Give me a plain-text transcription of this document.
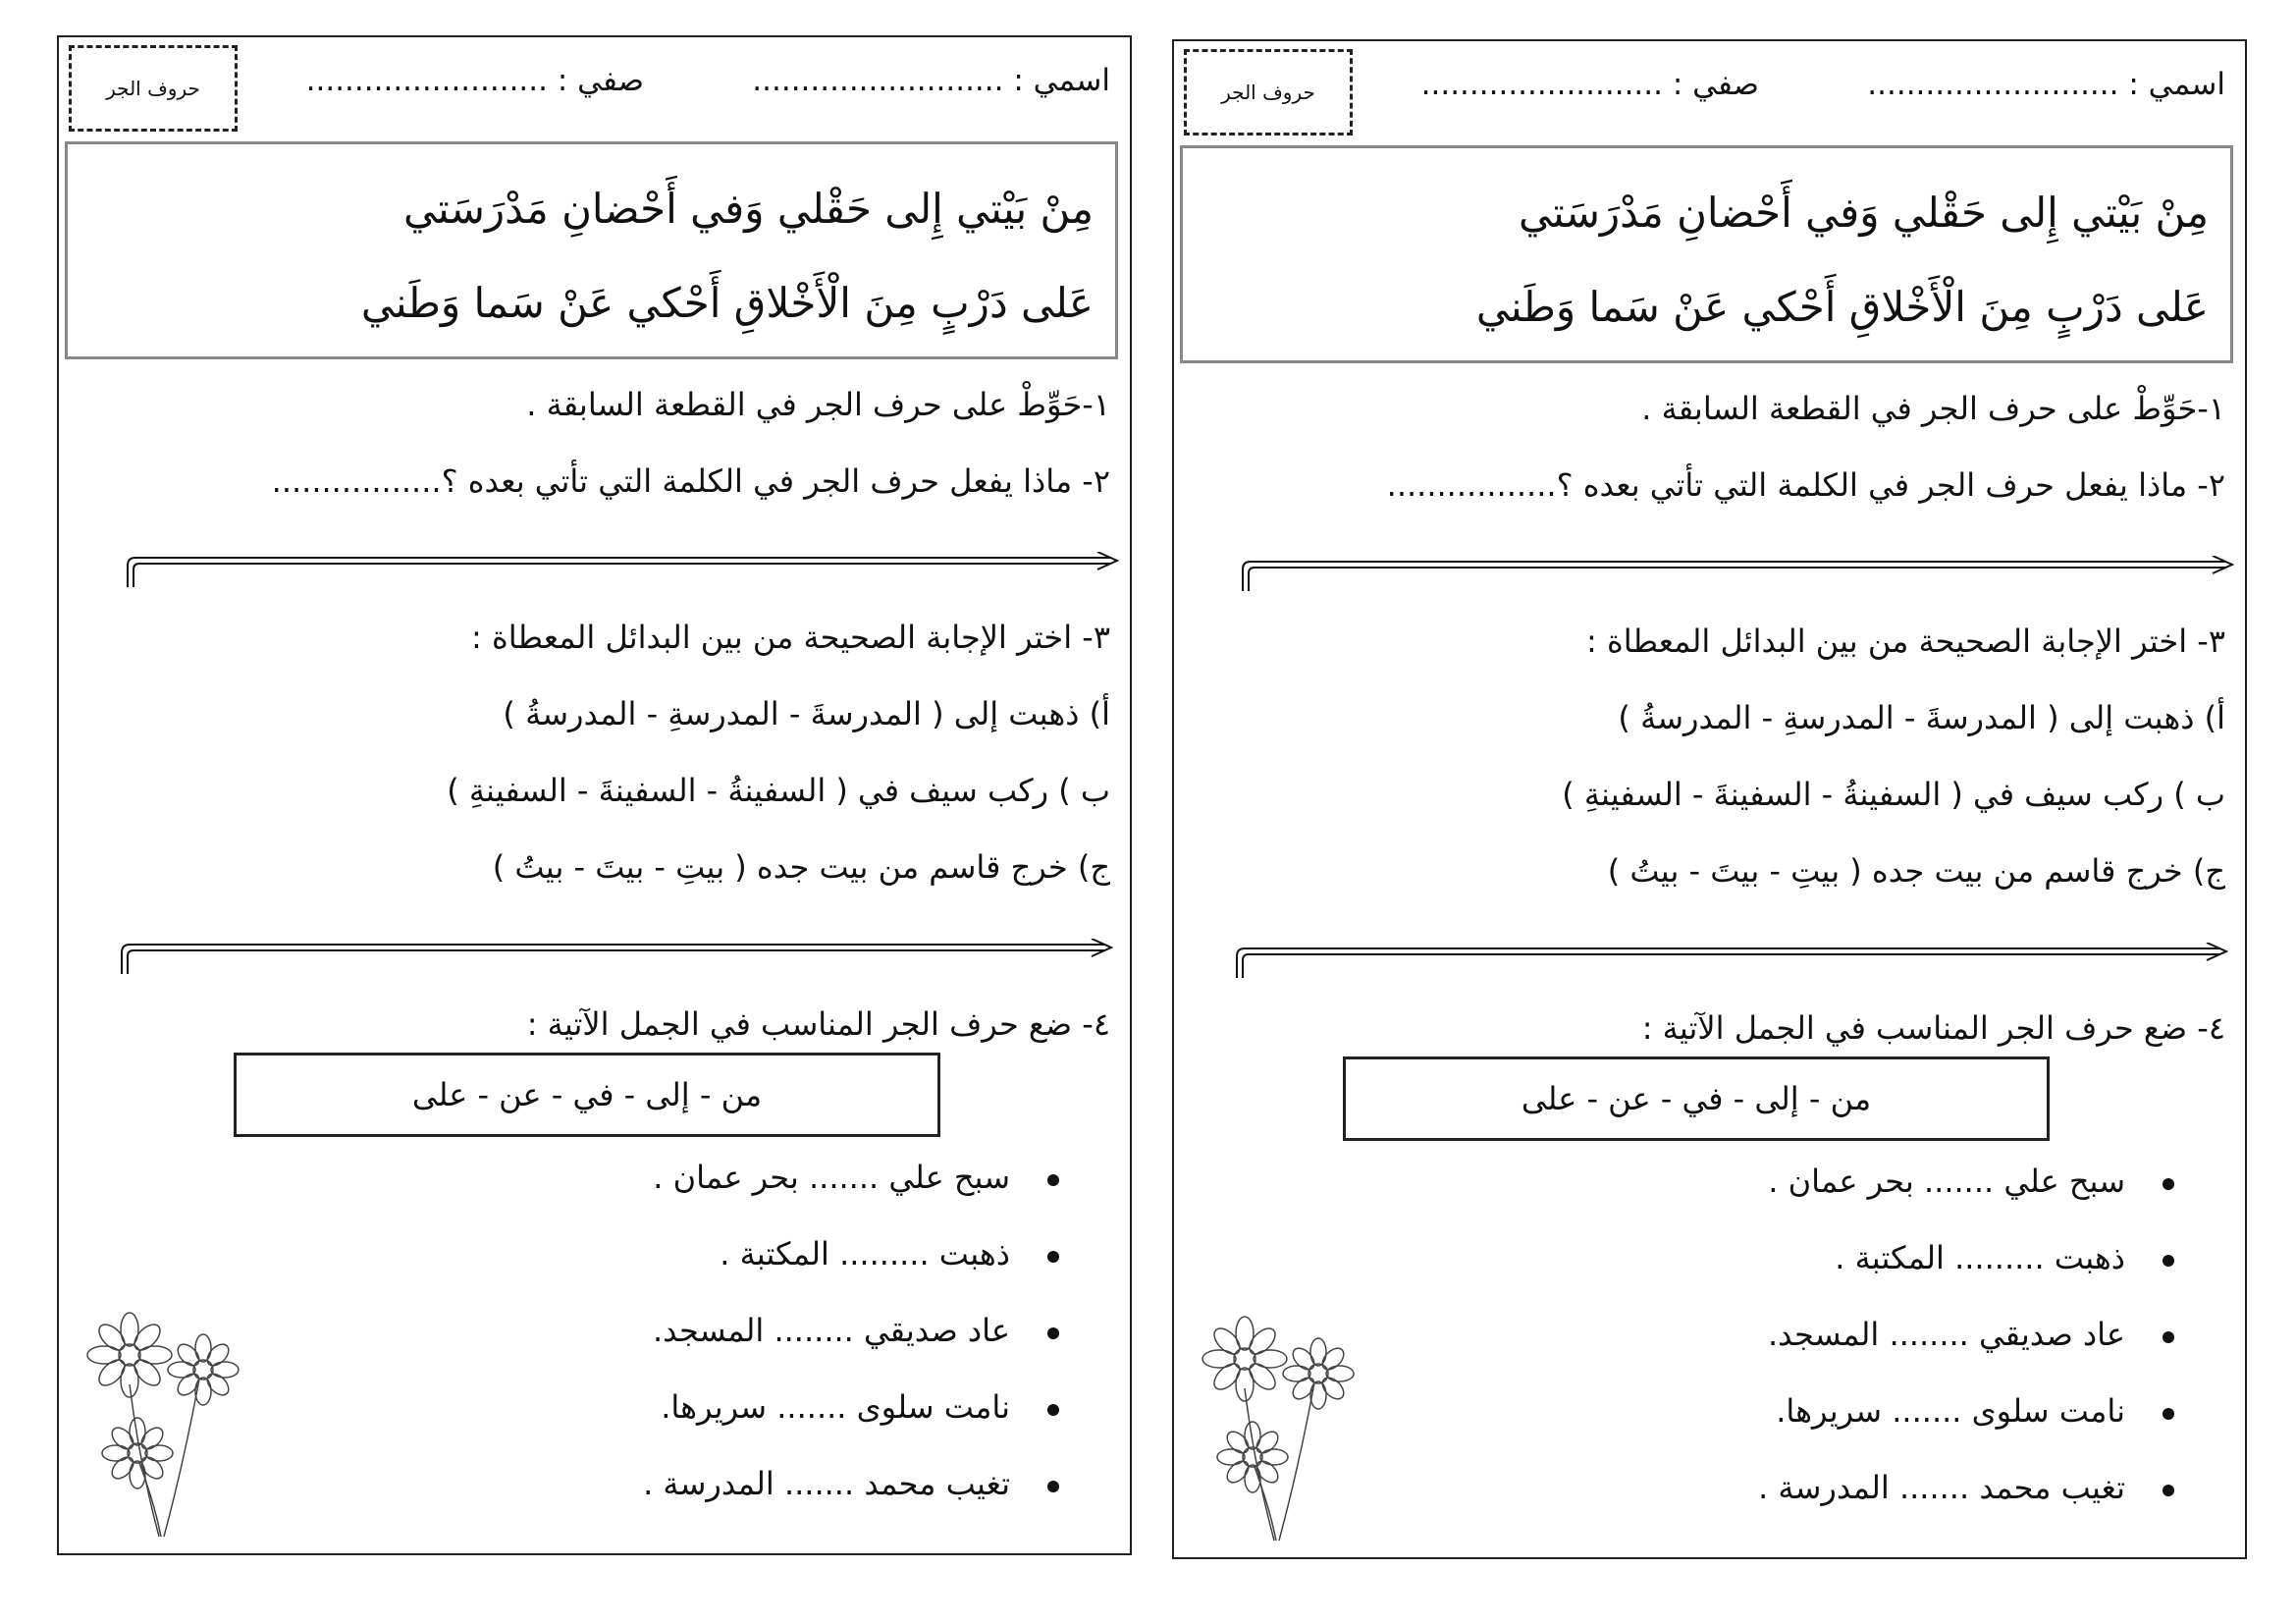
اسمي : ..........................
صفي : .........................
حروف الجر
مِنْ بَيْتي إِلى حَقْلي وَفي أَحْضانِ مَدْرَسَتي
عَلى دَرْبٍ مِنَ الْأَخْلاقِ أَحْكي عَنْ سَما وَطَني
١-حَوِّطْ على حرف الجر في القطعة السابقة .
٢- ماذا يفعل حرف الجر في الكلمة التي تأتي بعده ؟.................
٣- اختر الإجابة الصحيحة من بين البدائل المعطاة :
أ) ذهبت إلى ( المدرسةَ - المدرسةِ - المدرسةُ )
ب ) ركب سيف في ( السفينةُ - السفينةَ - السفينةِ )
ج) خرج قاسم من بيت جده ( بيتِ - بيتَ - بيتُ )
٤- ضع حرف الجر المناسب في الجمل الآتية :
من - إلى - في - عن - على
سبح علي ....... بحر عمان .
ذهبت ......... المكتبة .
عاد صديقي ........ المسجد.
نامت سلوى ....... سريرها.
تغيب محمد ....... المدرسة .
اسمي : ..........................
صفي : .........................
حروف الجر
مِنْ بَيْتي إِلى حَقْلي وَفي أَحْضانِ مَدْرَسَتي
عَلى دَرْبٍ مِنَ الْأَخْلاقِ أَحْكي عَنْ سَما وَطَني
١-حَوِّطْ على حرف الجر في القطعة السابقة .
٢- ماذا يفعل حرف الجر في الكلمة التي تأتي بعده ؟.................
٣- اختر الإجابة الصحيحة من بين البدائل المعطاة :
أ) ذهبت إلى ( المدرسةَ - المدرسةِ - المدرسةُ )
ب ) ركب سيف في ( السفينةُ - السفينةَ - السفينةِ )
ج) خرج قاسم من بيت جده ( بيتِ - بيتَ - بيتُ )
٤- ضع حرف الجر المناسب في الجمل الآتية :
من - إلى - في - عن - على
سبح علي ....... بحر عمان .
ذهبت ......... المكتبة .
عاد صديقي ........ المسجد.
نامت سلوى ....... سريرها.
تغيب محمد ....... المدرسة .
